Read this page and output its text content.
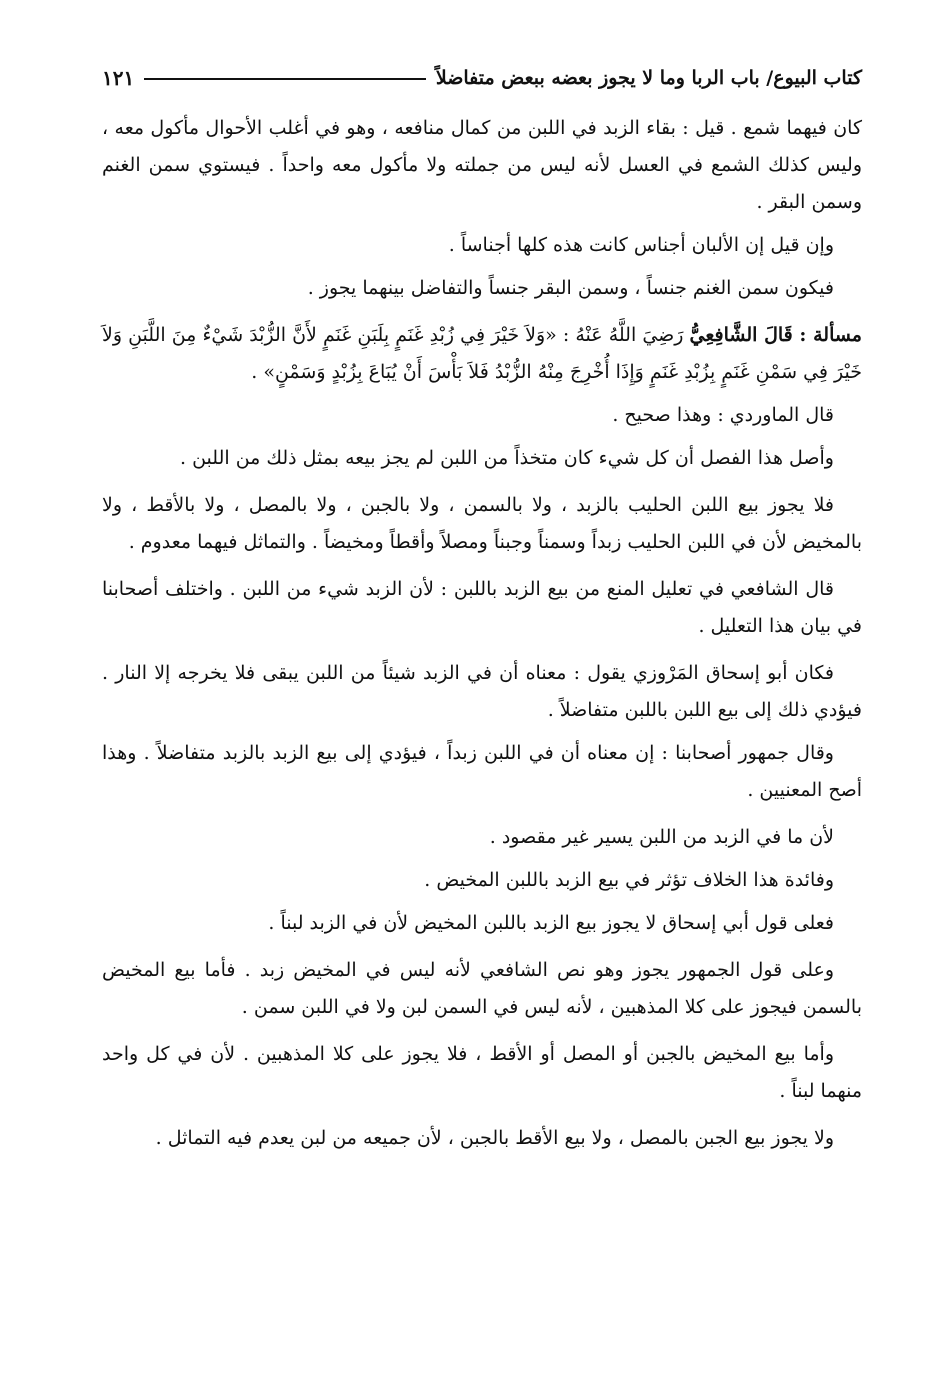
كتاب البيوع/ باب الربا وما لا يجوز بعضه ببعض متفاضلاً
١٢١

كان فيهما شمع . قيل : بقاء الزبد في اللبن من كمال منافعه ، وهو في أغلب الأحوال مأكول معه ، وليس كذلك الشمع في العسل لأنه ليس من جملته ولا مأكول معه واحداً . فيستوي سمن الغنم وسمن البقر .

وإن قيل إن الألبان أجناس كانت هذه كلها أجناساً .

فيكون سمن الغنم جنساً ، وسمن البقر جنساً والتفاضل بينهما يجوز .

مسألة : قَالَ الشَّافِعِيُّ رَضِيَ اللَّهُ عَنْهُ : «وَلاَ خَيْرَ فِي زُبْدِ غَنَمٍ بِلَبَنِ غَنَمٍ لأَنَّ الزُّبْدَ شَيْءٌ مِنَ اللَّبَنِ وَلاَ خَيْرَ فِي سَمْنِ غَنَمٍ بِزُبْدِ غَنَمٍ وَإِذَا أُخْرِجَ مِنْهُ الزُّبْدُ فَلاَ بَأْسَ أَنْ يُبَاعَ بِزُبْدٍ وَسَمْنٍ» .

قال الماوردي : وهذا صحيح .

وأصل هذا الفصل أن كل شيء كان متخذاً من اللبن لم يجز بيعه بمثل ذلك من اللبن .

فلا يجوز بيع اللبن الحليب بالزبد ، ولا بالسمن ، ولا بالجبن ، ولا بالمصل ، ولا بالأقط ، ولا بالمخيض لأن في اللبن الحليب زبداً وسمناً وجبناً ومصلاً وأقطاً ومخيضاً . والتماثل فيهما معدوم .

قال الشافعي في تعليل المنع من بيع الزبد باللبن : لأن الزبد شيء من اللبن . واختلف أصحابنا في بيان هذا التعليل .

فكان أبو إسحاق المَرْوزي يقول : معناه أن في الزبد شيئاً من اللبن يبقى فلا يخرجه إلا النار . فيؤدي ذلك إلى بيع اللبن باللبن متفاضلاً .

وقال جمهور أصحابنا : إن معناه أن في اللبن زبداً ، فيؤدي إلى بيع الزبد بالزبد متفاضلاً . وهذا أصح المعنيين .

لأن ما في الزبد من اللبن يسير غير مقصود .

وفائدة هذا الخلاف تؤثر في بيع الزبد باللبن المخيض .

فعلى قول أبي إسحاق لا يجوز بيع الزبد باللبن المخيض لأن في الزبد لبناً .

وعلى قول الجمهور يجوز وهو نص الشافعي لأنه ليس في المخيض زبد . فأما بيع المخيض بالسمن فيجوز على كلا المذهبين ، لأنه ليس في السمن لبن ولا في اللبن سمن .

وأما بيع المخيض بالجبن أو المصل أو الأقط ، فلا يجوز على كلا المذهبين . لأن في كل واحد منهما لبناً .

ولا يجوز بيع الجبن بالمصل ، ولا بيع الأقط بالجبن ، لأن جميعه من لبن يعدم فيه التماثل .
